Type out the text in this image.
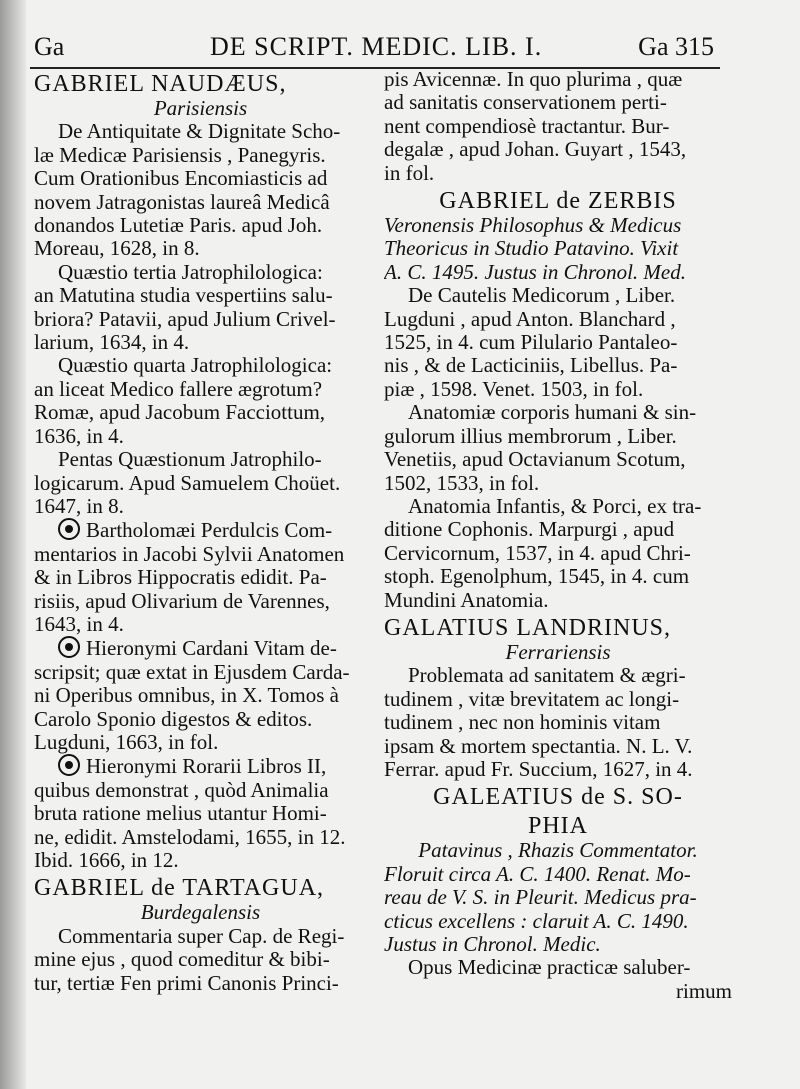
Ga	DE SCRIPT. MEDIC. LIB. I.	Ga 315
GABRIEL NAUDÆUS,
Parisiensis
De Antiquitate & Dignitate Scho-
læ Medicæ Parisiensis , Panegyris.
Cum Orationibus Encomiasticis ad
novem Jatragonistas laureâ Medicâ
donandos Lutetiæ Paris. apud Joh.
Moreau, 1628, in 8.
Quæstio tertia Jatrophilologica:
an Matutina studia vespertiins salu-
briora? Patavii, apud Julium Crivel-
larium, 1634, in 4.
Quæstio quarta Jatrophilologica:
an liceat Medico fallere ægrotum?
Romæ, apud Jacobum Facciottum,
1636, in 4.
Pentas Quæstionum Jatrophilo-
logicarum. Apud Samuelem Choüet.
1647, in 8.
Bartholomæi Perdulcis Com-
mentarios in Jacobi Sylvii Anatomen
& in Libros Hippocratis edidit. Pa-
risiis, apud Olivarium de Varennes,
1643, in 4.
Hieronymi Cardani Vitam de-
scripsit; quæ extat in Ejusdem Carda-
ni Operibus omnibus, in X. Tomos à
Carolo Sponio digestos & editos.
Lugduni, 1663, in fol.
Hieronymi Rorarii Libros II,
quibus demonstrat , quòd Animalia
bruta ratione melius utantur Homi-
ne, edidit. Amstelodami, 1655, in 12.
Ibid. 1666, in 12.
GABRIEL de TARTAGUA,
Burdegalensis
Commentaria super Cap. de Regi-
mine ejus , quod comeditur & bibi-
tur, tertiæ Fen primi Canonis Princi-
pis Avicennæ. In quo plurima , quæ
ad sanitatis conservationem perti-
nent compendiosè tractantur. Bur-
degalæ , apud Johan. Guyart , 1543,
in fol.
GABRIEL de ZERBIS
Veronensis Philosophus & Medicus
Theoricus in Studio Patavino. Vixit
A. C. 1495. Justus in Chronol. Med.
De Cautelis Medicorum , Liber.
Lugduni , apud Anton. Blanchard ,
1525, in 4. cum Pilulario Pantaleo-
nis , & de Lacticiniis, Libellus. Pa-
piæ , 1598. Venet. 1503, in fol.
Anatomiæ corporis humani & sin-
gulorum illius membrorum , Liber.
Venetiis, apud Octavianum Scotum,
1502, 1533, in fol.
Anatomia Infantis, & Porci, ex tra-
ditione Cophonis. Marpurgi , apud
Cervicornum, 1537, in 4. apud Chri-
stoph. Egenolphum, 1545, in 4. cum
Mundini Anatomia.
GALATIUS LANDRINUS,
Ferrariensis
Problemata ad sanitatem & ægri-
tudinem , vitæ brevitatem ac longi-
tudinem , nec non hominis vitam
ipsam & mortem spectantia. N. L. V.
Ferrar. apud Fr. Succium, 1627, in 4.
GALEATIUS de S. SO-
PHIA
Patavinus , Rhazis Commentator.
Floruit circa A. C. 1400. Renat. Mo-
reau de V. S. in Pleurit. Medicus pra-
cticus excellens : claruit A. C. 1490.
Justus in Chronol. Medic.
Opus Medicinæ practicæ saluber-
rimum
